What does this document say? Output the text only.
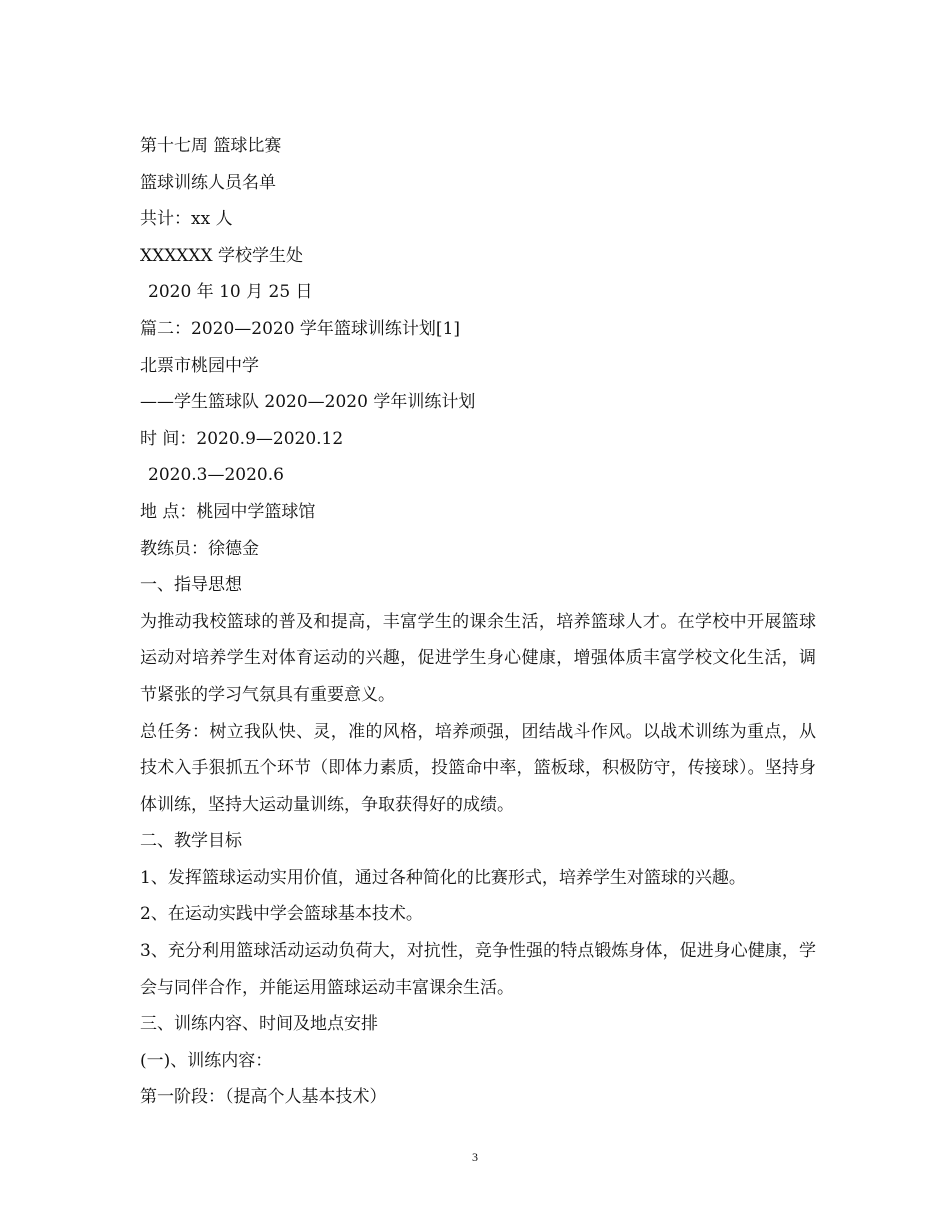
第十七周 篮球比赛
篮球训练人员名单
共计：xx 人
XXXXXX 学校学生处
2020 年 10 月 25 日
篇二：2020—2020 学年篮球训练计划[1]
北票市桃园中学
——学生篮球队 2020—2020 学年训练计划
时 间：2020.9—2020.12
2020.3—2020.6
地 点：桃园中学篮球馆
教练员：徐德金
一、指导思想
为推动我校篮球的普及和提高，丰富学生的课余生活，培养篮球人才。在学校中开展篮球运动对培养学生对体育运动的兴趣，促进学生身心健康，增强体质丰富学校文化生活，调节紧张的学习气氛具有重要意义。
总任务：树立我队快、灵，准的风格，培养顽强，团结战斗作风。以战术训练为重点，从技术入手狠抓五个环节（即体力素质，投篮命中率，篮板球，积极防守，传接球）。坚持身体训练，坚持大运动量训练，争取获得好的成绩。
二、教学目标
1、发挥篮球运动实用价值，通过各种简化的比赛形式，培养学生对篮球的兴趣。
2、在运动实践中学会篮球基本技术。
3、充分利用篮球活动运动负荷大，对抗性，竞争性强的特点锻炼身体，促进身心健康，学会与同伴合作，并能运用篮球运动丰富课余生活。
三、训练内容、时间及地点安排
(一)、训练内容：
第一阶段：（提高个人基本技术）
3
